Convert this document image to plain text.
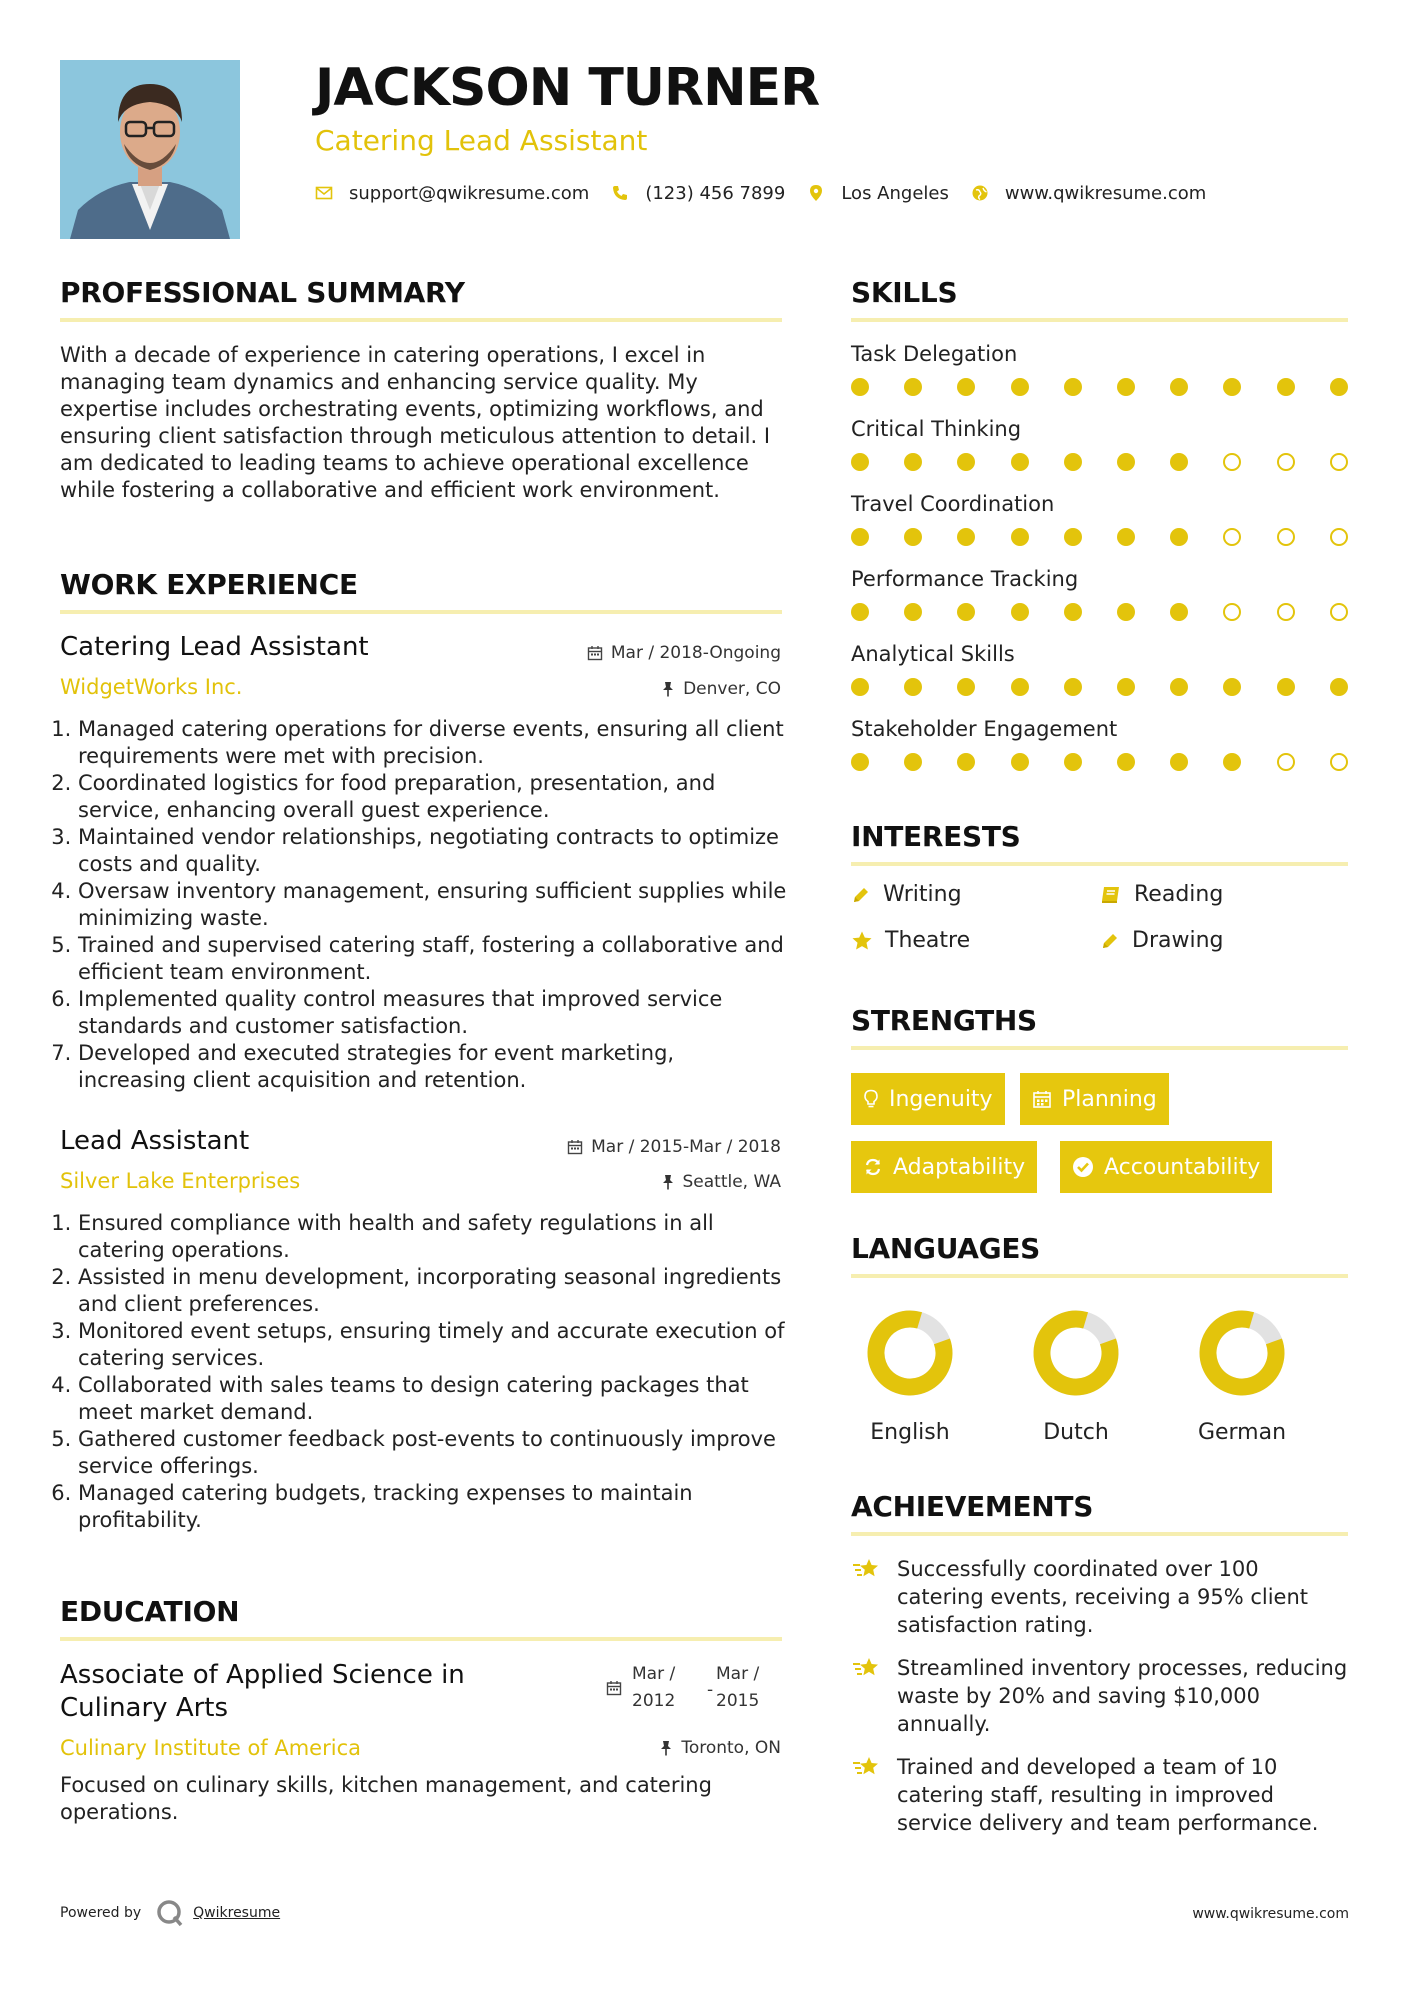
JACKSON TURNER
Catering Lead Assistant
support@qwikresume.com	(123) 456 7899	Los Angeles	www.qwikresume.com
PROFESSIONAL SUMMARY
With a decade of experience in catering operations, I excel in managing team dynamics and enhancing service quality. My expertise includes orchestrating events, optimizing workflows, and ensuring client satisfaction through meticulous attention to detail. I am dedicated to leading teams to achieve operational excellence while fostering a collaborative and efficient work environment.
WORK EXPERIENCE
Catering Lead Assistant	Mar / 2018-Ongoing
WidgetWorks Inc.	Denver, CO
1. Managed catering operations for diverse events, ensuring all client requirements were met with precision.
2. Coordinated logistics for food preparation, presentation, and service, enhancing overall guest experience.
3. Maintained vendor relationships, negotiating contracts to optimize costs and quality.
4. Oversaw inventory management, ensuring sufficient supplies while minimizing waste.
5. Trained and supervised catering staff, fostering a collaborative and efficient team environment.
6. Implemented quality control measures that improved service standards and customer satisfaction.
7. Developed and executed strategies for event marketing, increasing client acquisition and retention.
Lead Assistant	Mar / 2015-Mar / 2018
Silver Lake Enterprises	Seattle, WA
1. Ensured compliance with health and safety regulations in all catering operations.
2. Assisted in menu development, incorporating seasonal ingredients and client preferences.
3. Monitored event setups, ensuring timely and accurate execution of catering services.
4. Collaborated with sales teams to design catering packages that meet market demand.
5. Gathered customer feedback post-events to continuously improve service offerings.
6. Managed catering budgets, tracking expenses to maintain profitability.
EDUCATION
Associate of Applied Science in
Culinary Arts
Mar /
2012
-
Mar /
2015
Culinary Institute of America	Toronto, ON
Focused on culinary skills, kitchen management, and catering operations.
SKILLS
Task Delegation
Critical Thinking
Travel Coordination
Performance Tracking
Analytical Skills
Stakeholder Engagement
INTERESTS
Writing	Reading
Theatre	Drawing
STRENGTHS
Ingenuity	Planning
Adaptability	Accountability
LANGUAGES
English	Dutch	German
ACHIEVEMENTS
Successfully coordinated over 100 catering events, receiving a 95% client satisfaction rating.
Streamlined inventory processes, reducing waste by 20% and saving $10,000 annually.
Trained and developed a team of 10 catering staff, resulting in improved service delivery and team performance.
Powered by	Qwikresume	www.qwikresume.com
